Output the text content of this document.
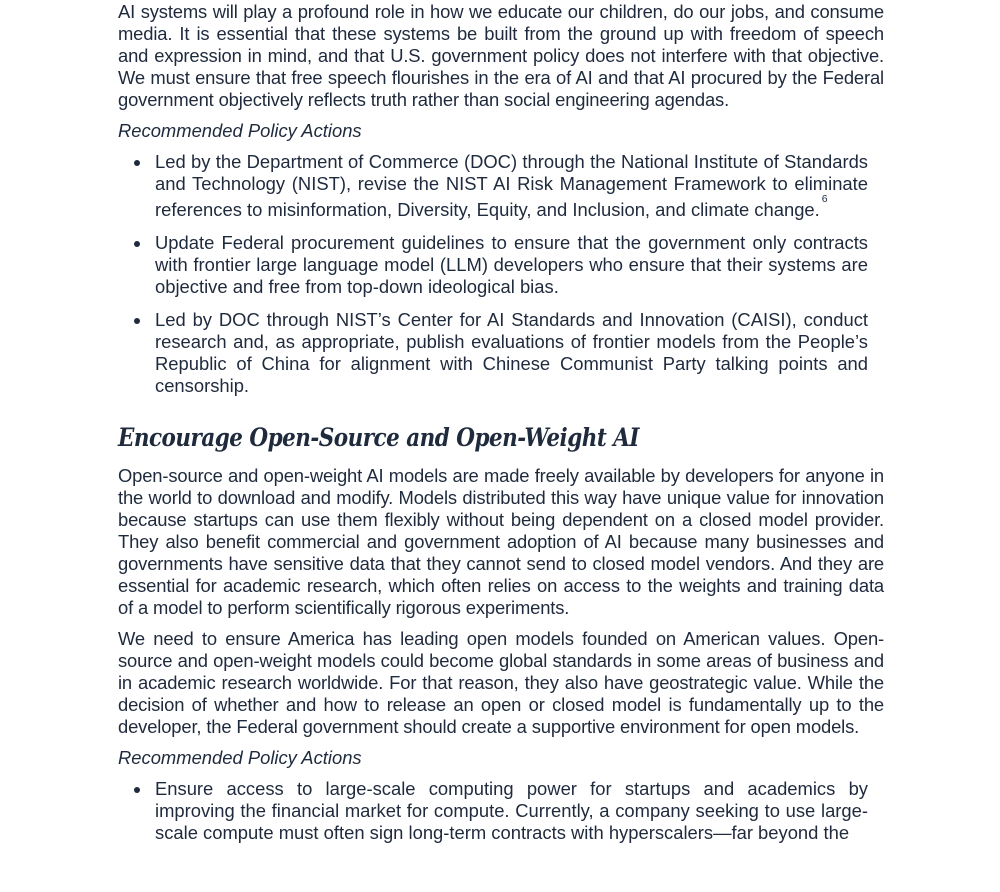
AI systems will play a profound role in how we educate our children, do our jobs, and consume media. It is essential that these systems be built from the ground up with freedom of speech and expression in mind, and that U.S. government policy does not interfere with that objective. We must ensure that free speech flourishes in the era of AI and that AI procured by the Federal government objectively reflects truth rather than social engineering agendas.

Recommended Policy Actions

Led by the Department of Commerce (DOC) through the National Institute of Standards and Technology (NIST), revise the NIST AI Risk Management Framework to eliminate references to misinformation, Diversity, Equity, and Inclusion, and climate change.$^6$
Update Federal procurement guidelines to ensure that the government only contracts with frontier large language model (LLM) developers who ensure that their systems are objective and free from top-down ideological bias.
Led by DOC through NIST’s Center for AI Standards and Innovation (CAISI), conduct research and, as appropriate, publish evaluations of frontier models from the People’s Republic of China for alignment with Chinese Communist Party talking points and censorship.
Encourage Open-Source and Open-Weight AI

Open-source and open-weight AI models are made freely available by developers for anyone in the world to download and modify. Models distributed this way have unique value for innovation because startups can use them flexibly without being dependent on a closed model provider. They also benefit commercial and government adoption of AI because many businesses and governments have sensitive data that they cannot send to closed model vendors. And they are essential for academic research, which often relies on access to the weights and training data of a model to perform scientifically rigorous experiments.

We need to ensure America has leading open models founded on American values. Open-source and open-weight models could become global standards in some areas of business and in academic research worldwide. For that reason, they also have geostrategic value. While the decision of whether and how to release an open or closed model is fundamentally up to the developer, the Federal government should create a supportive environment for open models.

Recommended Policy Actions

Ensure access to large-scale computing power for startups and academics by improving the financial market for compute. Currently, a company seeking to use large-scale compute must often sign long-term contracts with hyperscalers—far beyond the
